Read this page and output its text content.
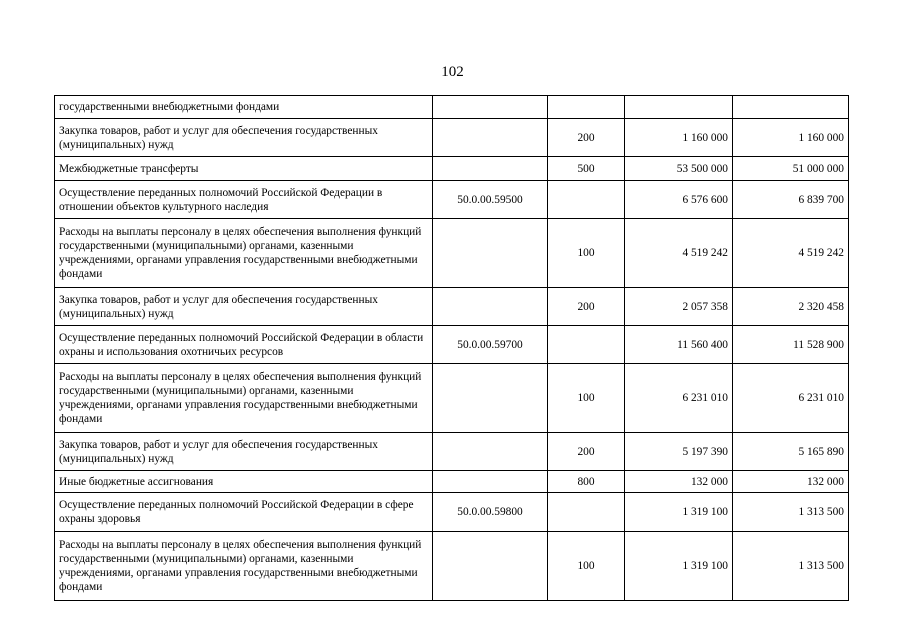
102
государственными внебюджетными фондами				
Закупка товаров, работ и услуг для обеспечения государственных (муниципальных) нужд		200	1 160 000	1 160 000
Межбюджетные трансферты		500	53 500 000	51 000 000
Осуществление переданных полномочий Российской Федерации в отношении объектов культурного наследия	50.0.00.59500		6 576 600	6 839 700
Расходы на выплаты персоналу в целях обеспечения выполнения функций государственными (муниципальными) органами, казенными учреждениями, органами управления государственными внебюджетными фондами		100	4 519 242	4 519 242
Закупка товаров, работ и услуг для обеспечения государственных (муниципальных) нужд		200	2 057 358	2 320 458
Осуществление переданных полномочий Российской Федерации в области охраны и использования охотничьих ресурсов	50.0.00.59700		11 560 400	11 528 900
Расходы на выплаты персоналу в целях обеспечения выполнения функций государственными (муниципальными) органами, казенными учреждениями, органами управления государственными внебюджетными фондами		100	6 231 010	6 231 010
Закупка товаров, работ и услуг для обеспечения государственных (муниципальных) нужд		200	5 197 390	5 165 890
Иные бюджетные ассигнования		800	132 000	132 000
Осуществление переданных полномочий Российской Федерации в сфере охраны здоровья	50.0.00.59800		1 319 100	1 313 500
Расходы на выплаты персоналу в целях обеспечения выполнения функций государственными (муниципальными) органами, казенными учреждениями, органами управления государственными внебюджетными фондами		100	1 319 100	1 313 500
